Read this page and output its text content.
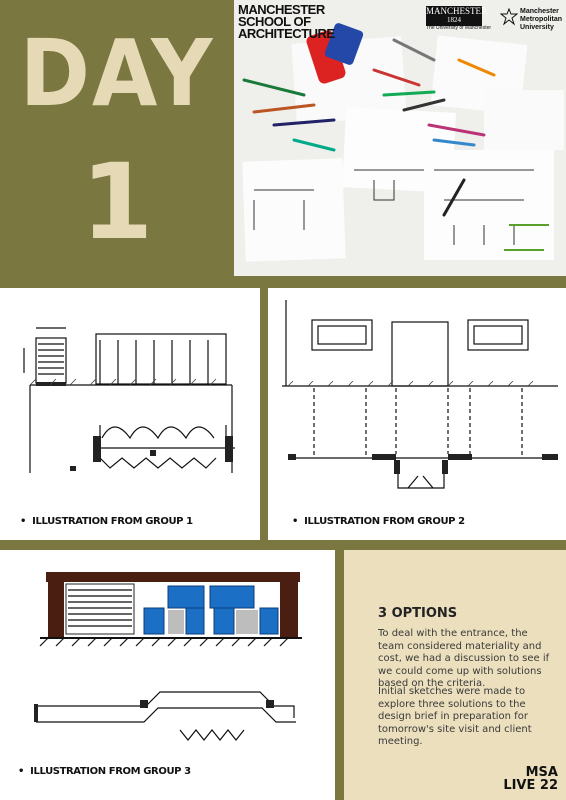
DAY
1
MANCHESTER SCHOOL OF ARCHITECTURE
MANCHESTER
1824
The University of Manchester
Manchester Metropolitan University
•  ILLUSTRATION FROM GROUP 1	•  ILLUSTRATION FROM GROUP 2
•  ILLUSTRATION FROM GROUP 3
3 OPTIONS
To deal with the entrance, the team considered materiality and cost, we had a discussion to see if we could come up with solutions based on the criteria.
Initial sketches were made to explore three solutions to the design brief in preparation for tomorrow's site visit and client meeting.
MSA
LIVE 22
